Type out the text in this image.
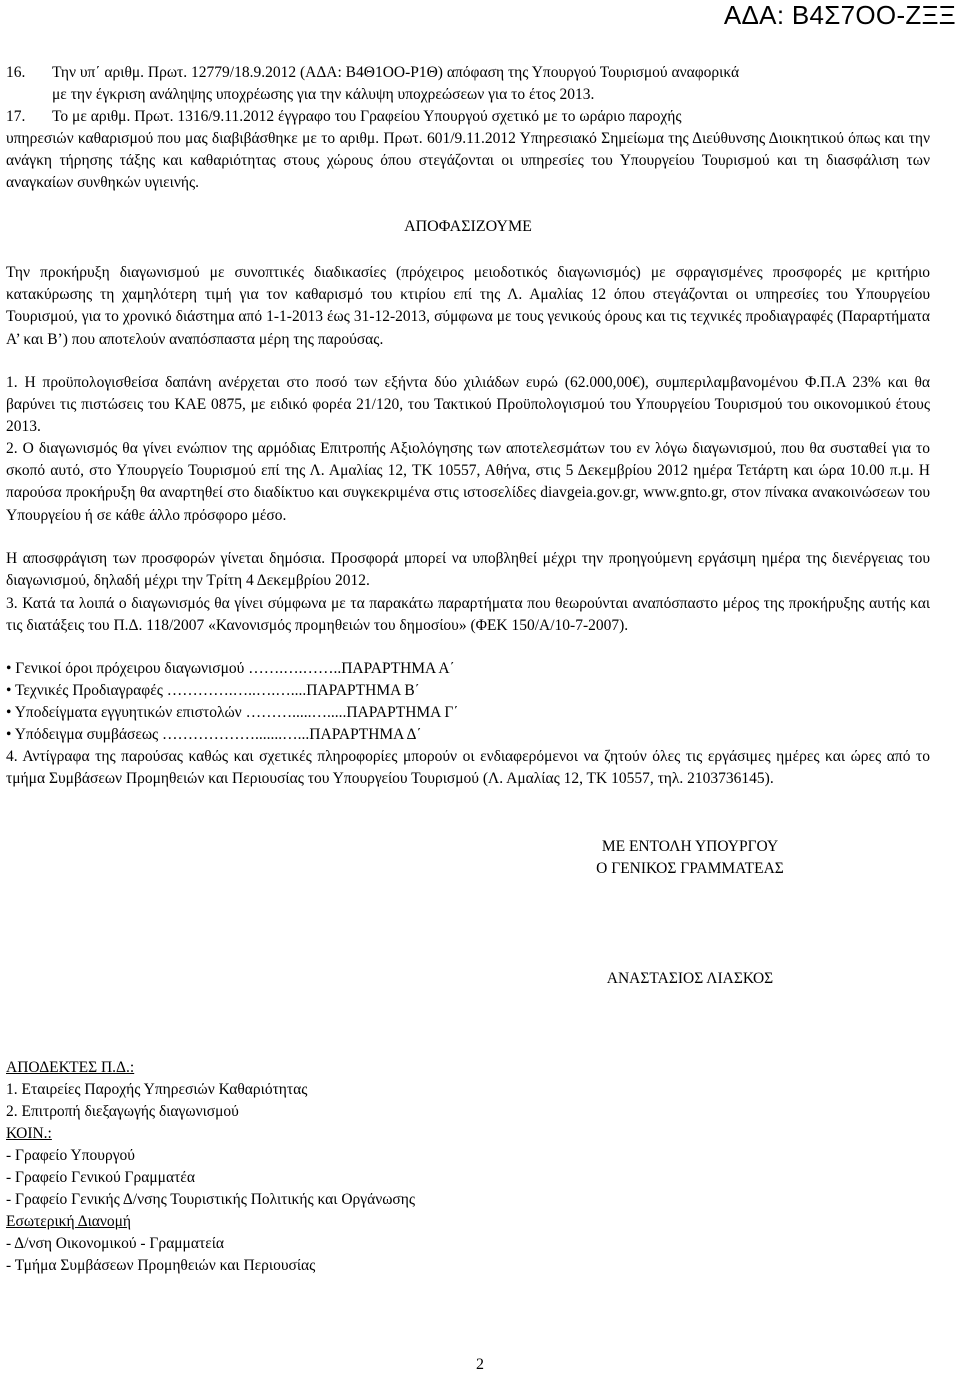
ΑΔΑ: Β4Σ7ΟΟ-ΖΞΞ
16. Την υπ΄ αριθμ. Πρωτ. 12779/18.9.2012 (ΑΔΑ: Β4Θ1ΟΟ-Ρ1Θ) απόφαση της Υπουργού Τουρισμού αναφορικά
με την έγκριση ανάληψης υποχρέωσης για την κάλυψη υποχρεώσεων για το έτος 2013.
17. Το με αριθμ. Πρωτ. 1316/9.11.2012 έγγραφο του Γραφείου Υπουργού σχετικό με το ωράριο παροχής
υπηρεσιών καθαρισμού που μας διαβιβάσθηκε με το αριθμ. Πρωτ. 601/9.11.2012 Υπηρεσιακό Σημείωμα της Διεύθυνσης Διοικητικού όπως και την ανάγκη τήρησης τάξης και καθαριότητας στους χώρους όπου στεγάζονται οι υπηρεσίες του Υπουργείου Τουρισμού και τη διασφάλιση των αναγκαίων συνθηκών υγιεινής.
ΑΠΟΦΑΣΙΖΟΥΜΕ
Την προκήρυξη διαγωνισμού με συνοπτικές διαδικασίες (πρόχειρος μειοδοτικός διαγωνισμός) με σφραγισμένες προσφορές με κριτήριο κατακύρωσης τη χαμηλότερη τιμή για τον καθαρισμό του κτιρίου επί της Λ. Αμαλίας 12 όπου στεγάζονται οι υπηρεσίες του Υπουργείου Τουρισμού, για το χρονικό διάστημα από 1-1-2013 έως 31-12-2013, σύμφωνα με τους γενικούς όρους και τις τεχνικές προδιαγραφές (Παραρτήματα Α’ και Β’) που αποτελούν αναπόσπαστα μέρη της παρούσας.
1. Η προϋπολογισθείσα δαπάνη ανέρχεται στο ποσό των εξήντα δύο χιλιάδων ευρώ (62.000,00€), συμπεριλαμβανομένου Φ.Π.Α 23% και θα βαρύνει τις πιστώσεις του ΚΑΕ 0875, με ειδικό φορέα 21/120, του Τακτικού Προϋπολογισμού του Υπουργείου Τουρισμού του οικονομικού έτους 2013.
2. Ο διαγωνισμός θα γίνει ενώπιον της αρμόδιας Επιτροπής Αξιολόγησης των αποτελεσμάτων του εν λόγω διαγωνισμού, που θα συσταθεί για το σκοπό αυτό, στο Υπουργείο Τουρισμού επί της Λ. Αμαλίας 12, ΤΚ 10557, Αθήνα, στις 5 Δεκεμβρίου 2012 ημέρα Τετάρτη και ώρα 10.00 π.μ. Η παρούσα προκήρυξη θα αναρτηθεί στο διαδίκτυο και συγκεκριμένα στις ιστοσελίδες diavgeia.gov.gr, www.gnto.gr, στον πίνακα ανακοινώσεων του Υπουργείου ή σε κάθε άλλο πρόσφορο μέσο.
Η αποσφράγιση των προσφορών γίνεται δημόσια. Προσφορά μπορεί να υποβληθεί μέχρι την προηγούμενη εργάσιμη ημέρα της διενέργειας του διαγωνισμού, δηλαδή μέχρι την Τρίτη 4 Δεκεμβρίου 2012.
3. Κατά τα λοιπά ο διαγωνισμός θα γίνει σύμφωνα με τα παρακάτω παραρτήματα που θεωρούνται αναπόσπαστο μέρος της προκήρυξης αυτής και τις διατάξεις του Π.Δ. 118/2007 «Κανονισμός προμηθειών του δημοσίου» (ΦΕΚ 150/Α/10-7-2007).
• Γενικοί όροι πρόχειρου διαγωνισμού …….….……..ΠΑΡΑΡΤΗΜΑ Α΄
• Τεχνικές Προδιαγραφές ………….…..….…....ΠΑΡΑΡΤΗΜΑ Β΄
• Υποδείγματα εγγυητικών επιστολών ……….....….....ΠΑΡΑΡΤΗΜΑ Γ΄
• Υπόδειγμα συμβάσεως ……………….......…...ΠΑΡΑΡΤΗΜΑ Δ΄
4. Αντίγραφα της παρούσας καθώς και σχετικές πληροφορίες μπορούν οι ενδιαφερόμενοι να ζητούν όλες τις εργάσιμες ημέρες και ώρες από το τμήμα Συμβάσεων Προμηθειών και Περιουσίας του Υπουργείου Τουρισμού (Λ. Αμαλίας 12, ΤΚ 10557, τηλ. 2103736145).
ΜΕ ΕΝΤΟΛΗ ΥΠΟΥΡΓΟΥ
Ο ΓΕΝΙΚΟΣ ΓΡΑΜΜΑΤΕΑΣ
ΑΝΑΣΤΑΣΙΟΣ ΛΙΑΣΚΟΣ
ΑΠΟΔΕΚΤΕΣ Π.Δ.:
1. Εταιρείες Παροχής Υπηρεσιών Καθαριότητας
2. Επιτροπή διεξαγωγής διαγωνισμού
ΚΟΙΝ.:
- Γραφείο Υπουργού
- Γραφείο Γενικού Γραμματέα
- Γραφείο Γενικής Δ/νσης Τουριστικής Πολιτικής και Οργάνωσης
Εσωτερική Διανομή
- Δ/νση Οικονομικού - Γραμματεία
- Τμήμα Συμβάσεων Προμηθειών και Περιουσίας
2
